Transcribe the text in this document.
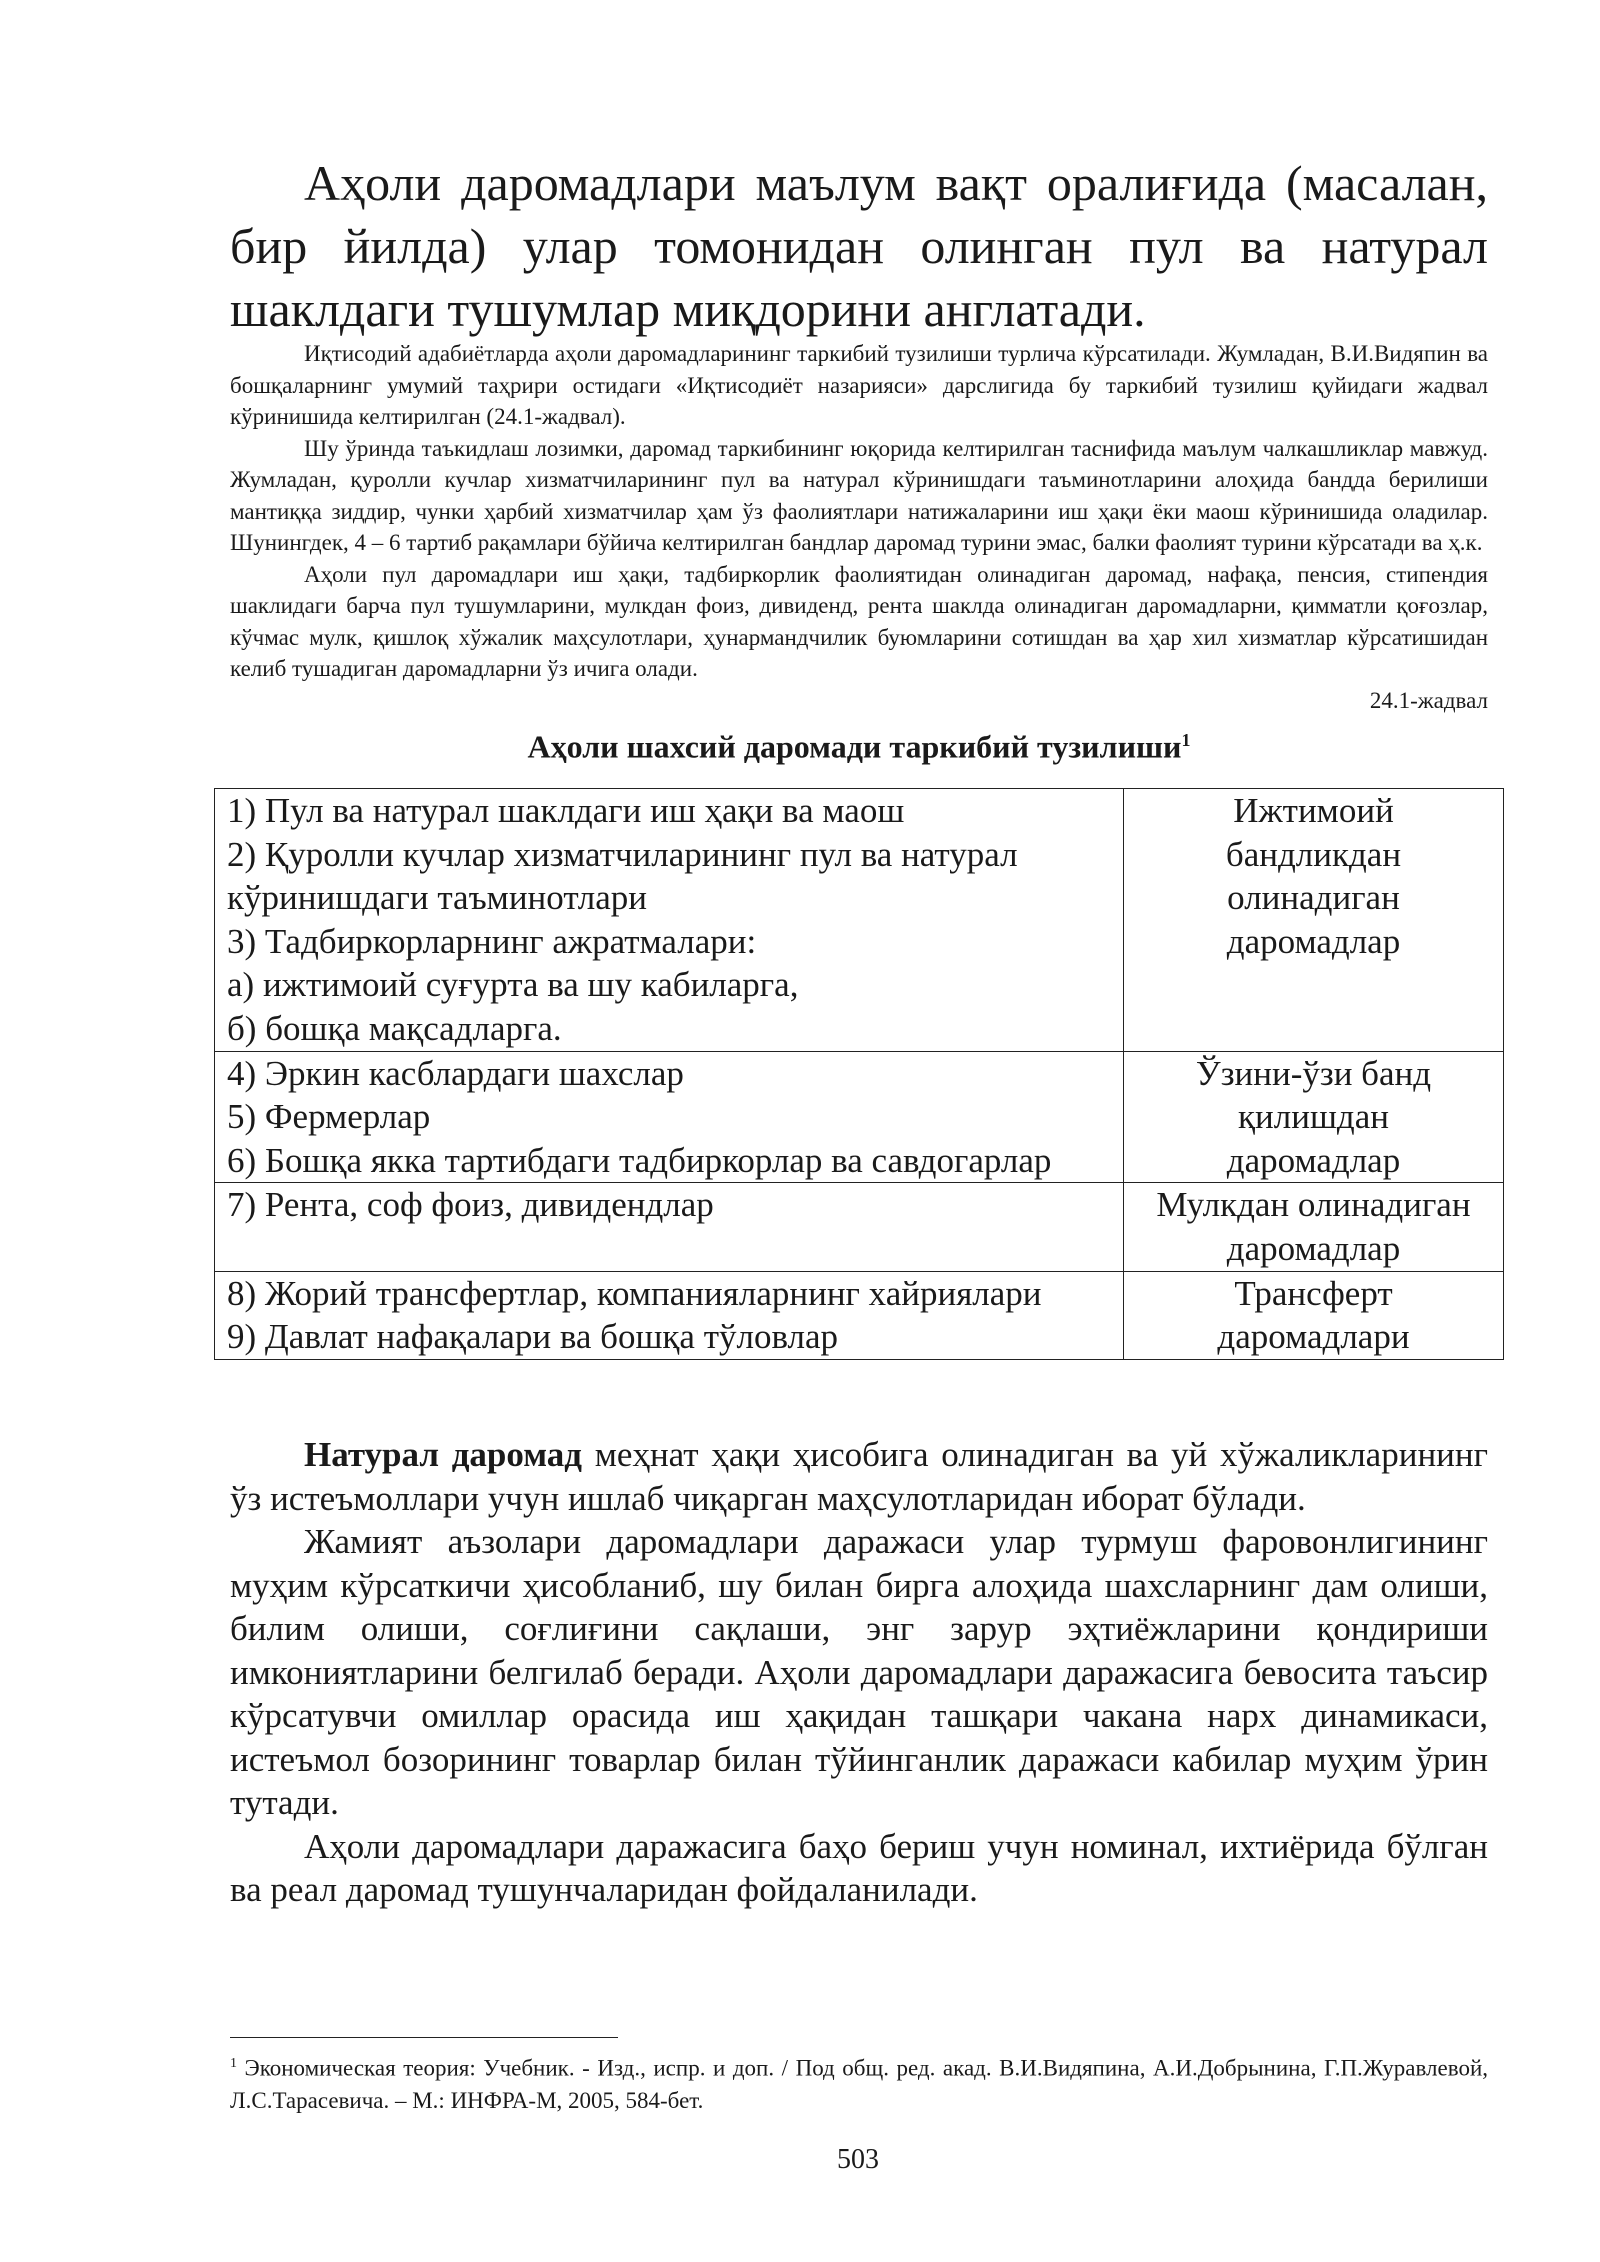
Аҳоли даромадлари маълум вақт оралиғида (масалан, бир йилда) улар томонидан олинган пул ва натурал шаклдаги тушумлар миқдорини англатади.

Иқтисодий адабиётларда аҳоли даромадларининг таркибий тузилиши турлича кўрсатилади. Жумладан, В.И.Видяпин ва бошқаларнинг умумий таҳрири остидаги «Иқтисодиёт назарияси» дарслигида бу таркибий тузилиш қуйидаги жадвал кўринишида келтирилган (24.1-жадвал).

Шу ўринда таъкидлаш лозимки, даромад таркибининг юқорида келтирилган таснифида маълум чалкашликлар мавжуд. Жумладан, қуролли кучлар хизматчиларининг пул ва натурал кўринишдаги таъминотларини алоҳида бандда берилиши мантиққа зиддир, чунки ҳарбий хизматчилар ҳам ўз фаолиятлари натижаларини иш ҳақи ёки маош кўринишида оладилар. Шунингдек, 4 – 6 тартиб рақамлари бўйича келтирилган бандлар даромад турини эмас, балки фаолият турини кўрсатади ва ҳ.к.

Аҳоли пул даромадлари иш ҳақи, тадбиркорлик фаолиятидан олинадиган даромад, нафақа, пенсия, стипендия шаклидаги барча пул тушумларини, мулкдан фоиз, дивиденд, рента шаклда олинадиган даромадларни, қимматли қоғозлар, кўчмас мулк, қишлоқ хўжалик маҳсулотлари, ҳунармандчилик буюмларини сотишдан ва ҳар хил хизматлар кўрсатишидан келиб тушадиган даромадларни ўз ичига олади.

24.1-жадвал

Аҳоли шахсий даромади таркибий тузилиши$^1$

1) Пул ва натурал шаклдаги иш ҳақи ва маош
2) Қуролли кучлар хизматчиларининг пул ва натурал кўринишдаги таъминотлари
3) Тадбиркорларнинг ажратмалари:
а) ижтимоий суғурта ва шу кабиларга,
б) бошқа мақсадларга.	Ижтимоий бандликдан олинадиган даромадлар

4) Эркин касблардаги шахслар
5) Фермерлар
6) Бошқа якка тартибдаги тадбиркорлар ва савдогарлар	Ўзини-ўзи банд қилишдан даромадлар

7) Рента, соф фоиз, дивидендлар	Мулкдан олинадиган даромадлар

8) Жорий трансфертлар, компанияларнинг хайриялари
9) Давлат нафақалари ва бошқа тўловлар	Трансферт даромадлари

Натурал даромад меҳнат ҳақи ҳисобига олинадиган ва уй хўжаликларининг ўз истеъмоллари учун ишлаб чиқарган маҳсулотларидан иборат бўлади.

Жамият аъзолари даромадлари даражаси улар турмуш фаровонлигининг муҳим кўрсаткичи ҳисобланиб, шу билан бирга алоҳида шахсларнинг дам олиши, билим олиши, соғлиғини сақлаши, энг зарур эҳтиёжларини қондириши имкониятларини белгилаб беради. Аҳоли даромадлари даражасига бевосита таъсир кўрсатувчи омиллар орасида иш ҳақидан ташқари чакана нарх динамикаси, истеъмол бозорининг товарлар билан тўйинганлик даражаси кабилар муҳим ўрин тутади.

Аҳоли даромадлари даражасига баҳо бериш учун номинал, ихтиёрида бўлган ва реал даромад тушунчаларидан фойдаланилади.

$^1$ Экономическая теория: Учебник. - Изд., испр. и доп. / Под общ. ред. акад. В.И.Видяпина, А.И.Добрынина, Г.П.Журавлевой, Л.С.Тарасевича. – М.: ИНФРА-М, 2005, 584-бет.

503
